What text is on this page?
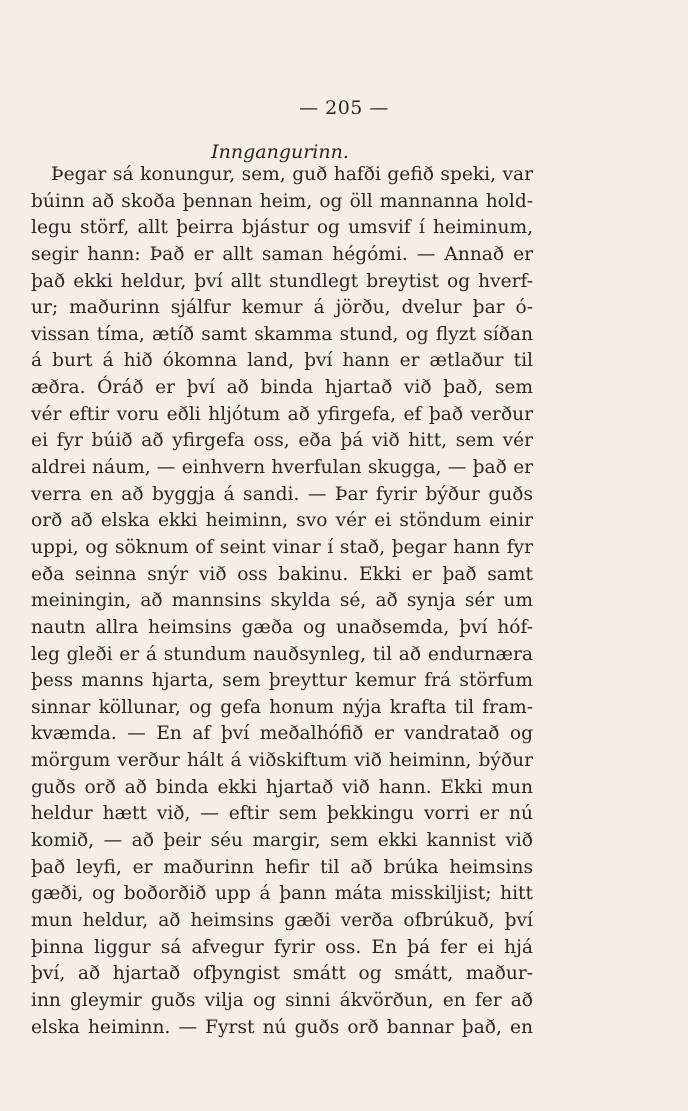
— 205 —
Inngangurinn.
Þegar sá konungur, sem, guð hafði gefið speki, var
búinn að skoða þennan heim, og öll mannanna hold-
legu störf, allt þeirra bjástur og umsvif í heiminum,
segir hann: Það er allt saman hégómi. — Annað er
það ekki heldur, því allt stundlegt breytist og hverf-
ur; maðurinn sjálfur kemur á jörðu, dvelur þar ó-
vissan tíma, ætíð samt skamma stund, og flyzt síðan
á burt á hið ókomna land, því hann er ætlaður til
æðra. Óráð er því að binda hjartað við það, sem
vér eftir voru eðli hljótum að yfirgefa, ef það verður
ei fyr búið að yfirgefa oss, eða þá við hitt, sem vér
aldrei náum, — einhvern hverfulan skugga, — það er
verra en að byggja á sandi. — Þar fyrir býður guðs
orð að elska ekki heiminn, svo vér ei stöndum einir
uppi, og söknum of seint vinar í stað, þegar hann fyr
eða seinna snýr við oss bakinu. Ekki er það samt
meiningin, að mannsins skylda sé, að synja sér um
nautn allra heimsins gæða og unaðsemda, því hóf-
leg gleði er á stundum nauðsynleg, til að endurnæra
þess manns hjarta, sem þreyttur kemur frá störfum
sinnar köllunar, og gefa honum nýja krafta til fram-
kvæmda. — En af því meðalhófið er vandratað og
mörgum verður hált á viðskiftum við heiminn, býður
guðs orð að binda ekki hjartað við hann. Ekki mun
heldur hætt við, — eftir sem þekkingu vorri er nú
komið, — að þeir séu margir, sem ekki kannist við
það leyfi, er maðurinn hefir til að brúka heimsins
gæði, og boðorðið upp á þann máta misskiljist; hitt
mun heldur, að heimsins gæði verða ofbrúkuð, því
þinna liggur sá afvegur fyrir oss. En þá fer ei hjá
því, að hjartað ofþyngist smátt og smátt, maður-
inn gleymir guðs vilja og sinni ákvörðun, en fer að
elska heiminn. — Fyrst nú guðs orð bannar það, en
